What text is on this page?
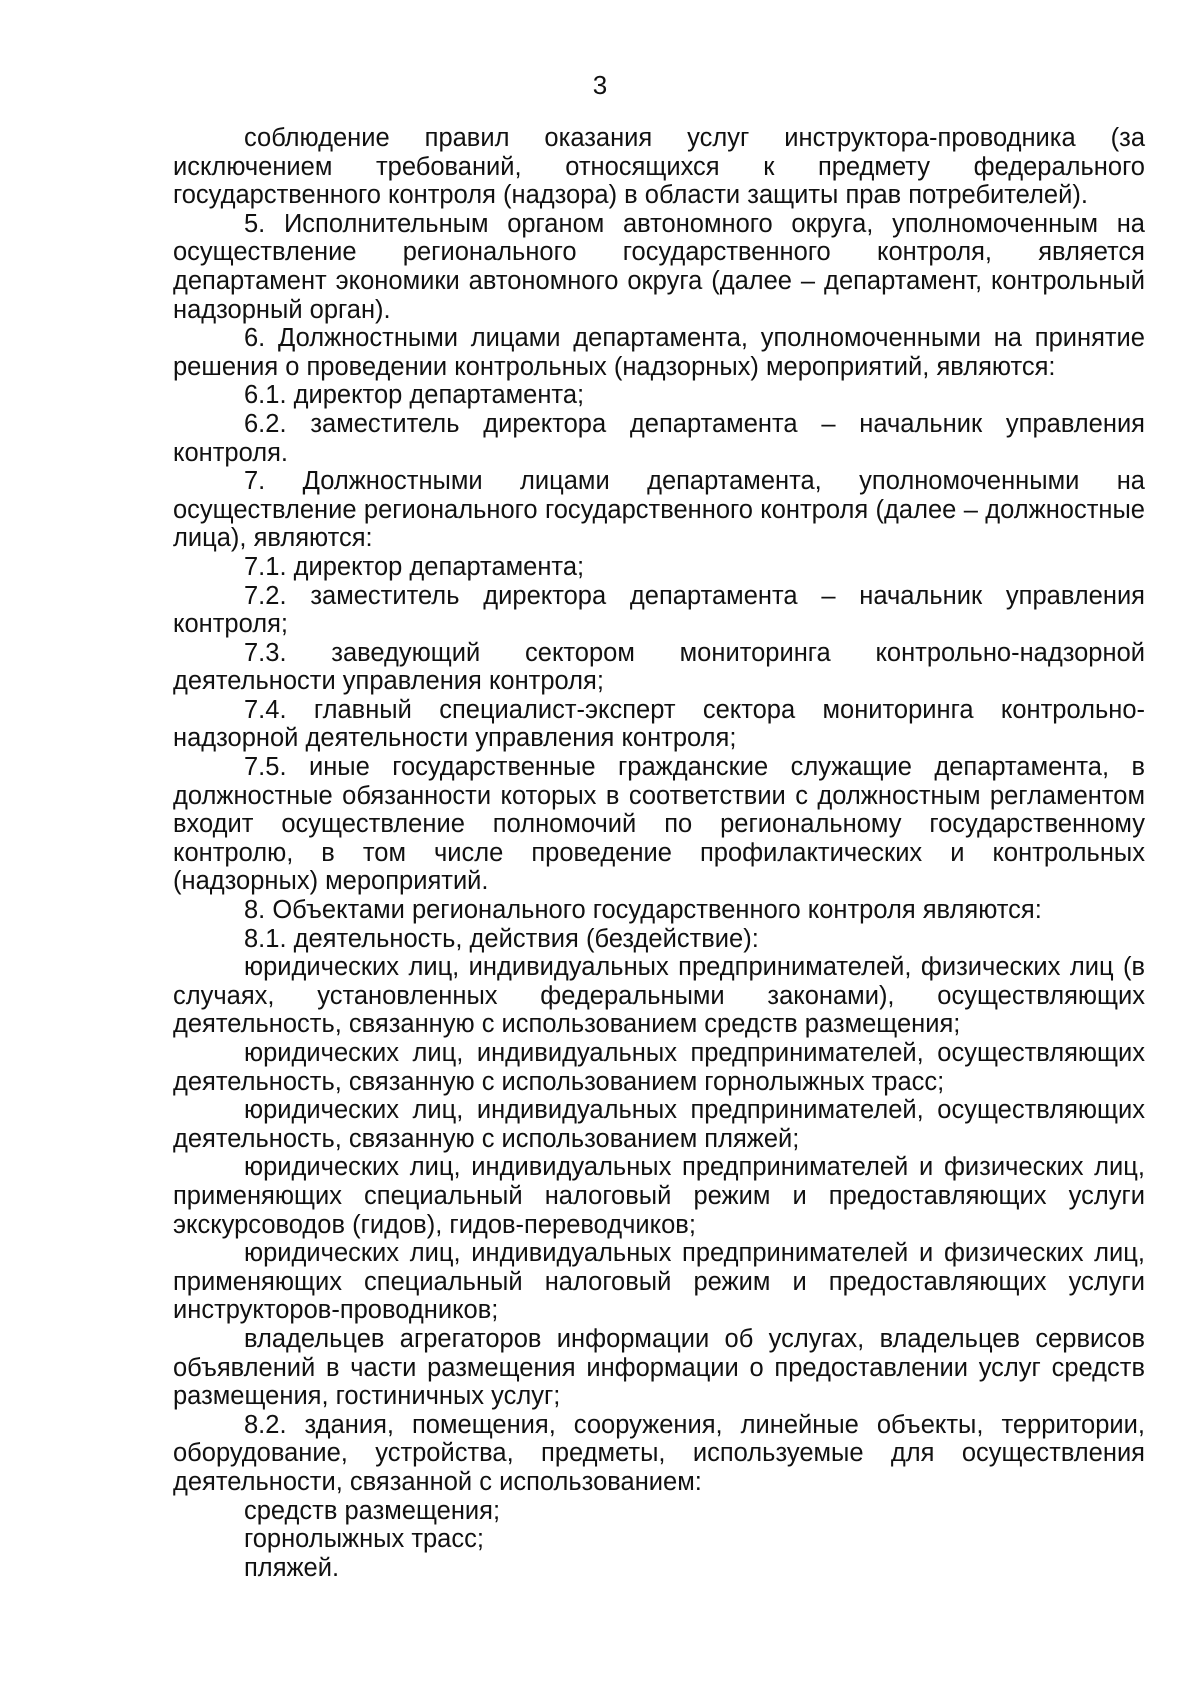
3

соблюдение правил оказания услуг инструктора-проводника (за исключением требований, относящихся к предмету федерального государственного контроля (надзора) в области защиты прав потребителей).

5. Исполнительным органом автономного округа, уполномоченным на осуществление регионального государственного контроля, является департамент экономики автономного округа (далее – департамент, контрольный надзорный орган).

6. Должностными лицами департамента, уполномоченными на принятие решения о проведении контрольных (надзорных) мероприятий, являются:

6.1. директор департамента;

6.2. заместитель директора департамента – начальник управления контроля.

7. Должностными лицами департамента, уполномоченными на осуществление регионального государственного контроля (далее – должностные лица), являются:

7.1. директор департамента;

7.2. заместитель директора департамента – начальник управления контроля;

7.3. заведующий сектором мониторинга контрольно-надзорной деятельности управления контроля;

7.4. главный специалист-эксперт сектора мониторинга контрольно-надзорной деятельности управления контроля;

7.5. иные государственные гражданские служащие департамента, в должностные обязанности которых в соответствии с должностным регламентом входит осуществление полномочий по региональному государственному контролю, в том числе проведение профилактических и контрольных (надзорных) мероприятий.

8. Объектами регионального государственного контроля являются:

8.1. деятельность, действия (бездействие):

юридических лиц, индивидуальных предпринимателей, физических лиц (в случаях, установленных федеральными законами), осуществляющих деятельность, связанную с использованием средств размещения;

юридических лиц, индивидуальных предпринимателей, осуществляющих деятельность, связанную с использованием горнолыжных трасс;

юридических лиц, индивидуальных предпринимателей, осуществляющих деятельность, связанную с использованием пляжей;

юридических лиц, индивидуальных предпринимателей и физических лиц, применяющих специальный налоговый режим и предоставляющих услуги экскурсоводов (гидов), гидов-переводчиков;

юридических лиц, индивидуальных предпринимателей и физических лиц, применяющих специальный налоговый режим и предоставляющих услуги инструкторов-проводников;

владельцев агрегаторов информации об услугах, владельцев сервисов объявлений в части размещения информации о предоставлении услуг средств размещения, гостиничных услуг;

8.2. здания, помещения, сооружения, линейные объекты, территории, оборудование, устройства, предметы, используемые для осуществления деятельности, связанной с использованием:

средств размещения;

горнолыжных трасс;

пляжей.
